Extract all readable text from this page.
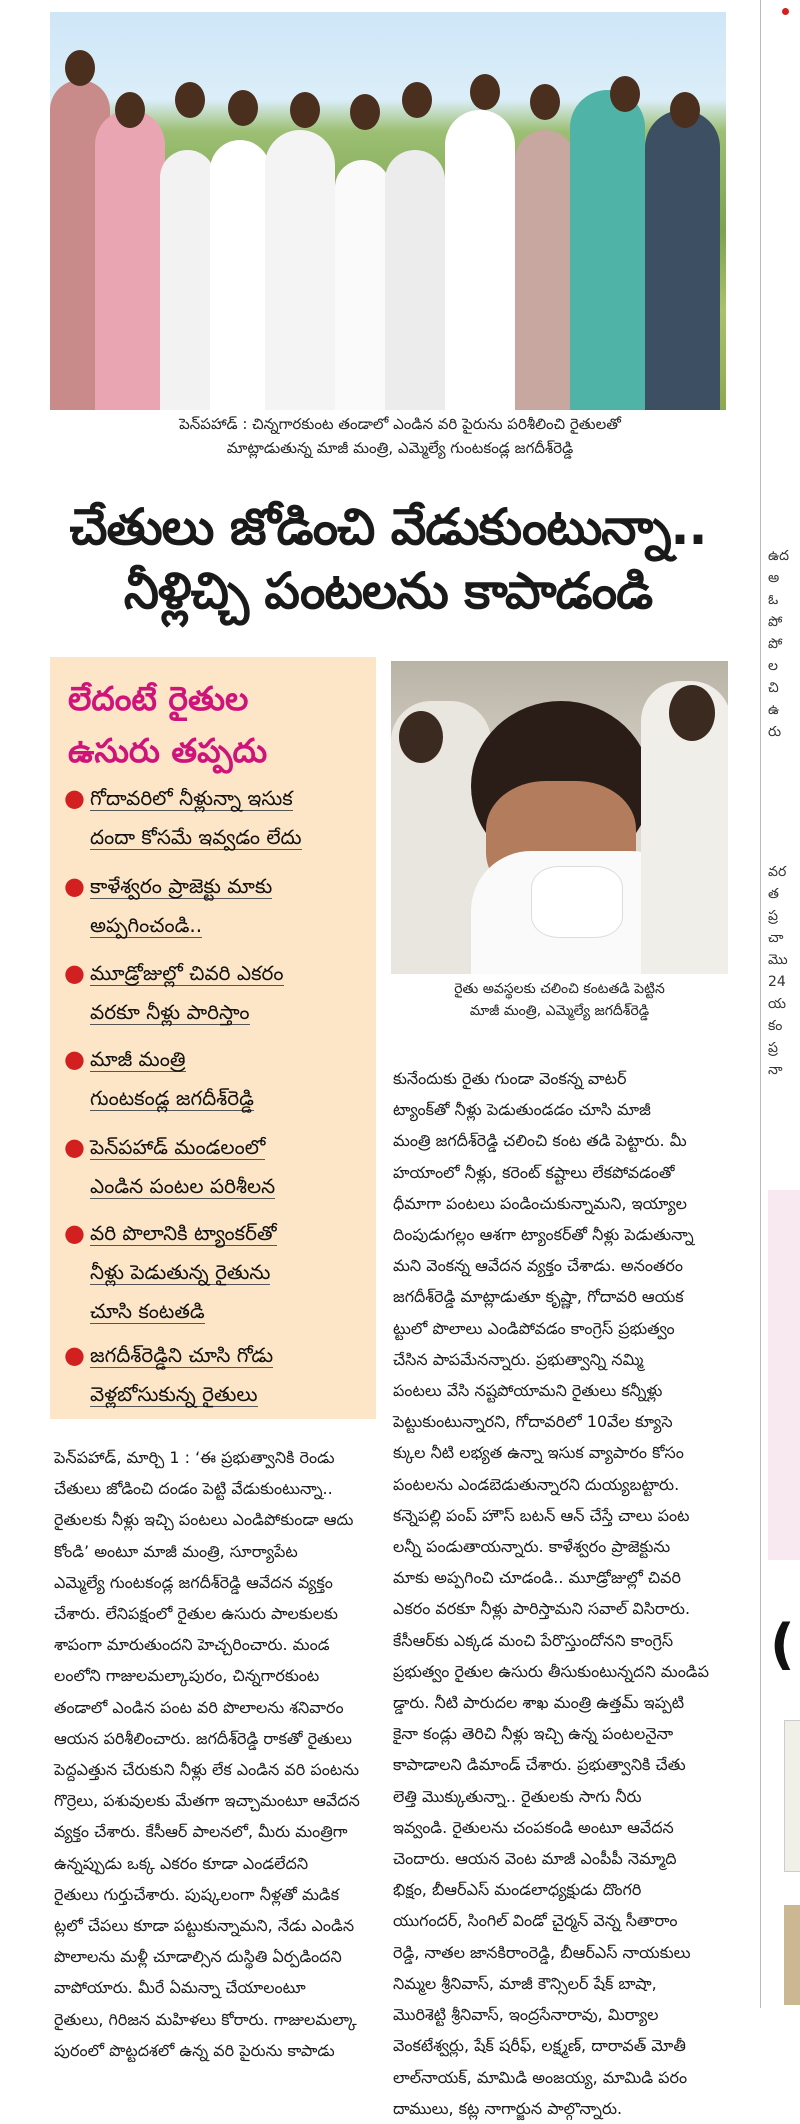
పెన్‌పహాడ్ : చిన్నగారకుంట తండాలో ఎండిన వరి పైరును పరిశీలించి రైతులతో
మాట్లాడుతున్న మాజీ మంత్రి, ఎమ్మెల్యే గుంటకండ్ల జగదీశ్‌రెడ్డి
చేతులు జోడించి వేడుకుంటున్నా..
నీళ్లిచ్చి పంటలను కాపాడండి
లేదంటే రైతుల
ఉసురు తప్పదు
● గోదావరిలో నీళ్లున్నా ఇసుక
దందా కోసమే ఇవ్వడం లేదు
● కాళేశ్వరం ప్రాజెక్టు మాకు
అప్పగించండి..
● మూడ్రోజుల్లో చివరి ఎకరం
వరకూ నీళ్లు పారిస్తాం
● మాజీ మంత్రి
గుంటకండ్ల జగదీశ్‌రెడ్డి
● పెన్‌పహాడ్ మండలంలో
ఎండిన పంటల పరిశీలన
● వరి పొలానికి ట్యాంకర్‌తో
నీళ్లు పెడుతున్న రైతును
చూసి కంటతడి
● జగదీశ్‌రెడ్డిని చూసి గోడు
వెళ్లబోసుకున్న రైతులు
రైతు అవస్థలకు చలించి కంటతడి పెట్టిన
మాజీ మంత్రి, ఎమ్మెల్యే జగదీశ్‌రెడ్డి

పెన్‌పహాడ్, మార్చి 1 : ‘ఈ ప్రభుత్వానికి రెండు

చేతులు జోడించి దండం పెట్టి వేడుకుంటున్నా..

రైతులకు నీళ్లు ఇచ్చి పంటలు ఎండిపోకుండా ఆదు

కోండి’ అంటూ మాజీ మంత్రి, సూర్యాపేట

ఎమ్మెల్యే గుంటకండ్ల జగదీశ్‌రెడ్డి ఆవేదన వ్యక్తం

చేశారు. లేనిపక్షంలో రైతుల ఉసురు పాలకులకు

శాపంగా మారుతుందని హెచ్చరించారు. మండ

లంలోని గాజులమల్కాపురం, చిన్నగారకుంట

తండాలో ఎండిన పంట వరి పొలాలను శనివారం

ఆయన పరిశీలించారు. జగదీశ్‌రెడ్డి రాకతో రైతులు

పెద్దఎత్తున చేరుకుని నీళ్లు లేక ఎండిన వరి పంటను

గొర్రెలు, పశువులకు మేతగా ఇచ్చామంటూ ఆవేదన

వ్యక్తం చేశారు. కేసీఆర్ పాలనలో, మీరు మంత్రిగా

ఉన్నప్పుడు ఒక్క ఎకరం కూడా ఎండలేదని

రైతులు గుర్తుచేశారు. పుష్కలంగా నీళ్లతో మడిక

ట్లలో చేపలు కూడా పట్టుకున్నామని, నేడు ఎండిన

పొలాలను మళ్లీ చూడాల్సిన దుస్థితి ఏర్పడిందని

వాపోయారు. మీరే ఏమన్నా చేయాలంటూ

రైతులు, గిరిజన మహిళలు కోరారు. గాజులమల్కా

పురంలో పొట్టదశలో ఉన్న వరి పైరును కాపాడు

కునేందుకు రైతు గుండా వెంకన్న వాటర్

ట్యాంక్‌తో నీళ్లు పెడుతుండడం చూసి మాజీ

మంత్రి జగదీశ్‌రెడ్డి చలించి కంట తడి పెట్టారు. మీ

హయాంలో నీళ్లు, కరెంట్ కష్టాలు లేకపోవడంతో

ధీమాగా పంటలు పండించుకున్నామని, ఇయ్యాల

దింపుడుగల్లం ఆశగా ట్యాంకర్‌తో నీళ్లు పెడుతున్నా

మని వెంకన్న ఆవేదన వ్యక్తం చేశాడు. అనంతరం

జగదీశ్‌రెడ్డి మాట్లాడుతూ కృష్ణా, గోదావరి ఆయక

ట్టులో పొలాలు ఎండిపోవడం కాంగ్రెస్ ప్రభుత్వం

చేసిన పాపమేనన్నారు. ప్రభుత్వాన్ని నమ్మి

పంటలు వేసి నష్టపోయామని రైతులు కన్నీళ్లు

పెట్టుకుంటున్నారని, గోదావరిలో 10వేల క్యూసె

క్కుల నీటి లభ్యత ఉన్నా ఇసుక వ్యాపారం కోసం

పంటలను ఎండబెడుతున్నారని దుయ్యబట్టారు.

కన్నెపల్లి పంప్ హౌస్ బటన్ ఆన్ చేస్తే చాలు పంట

లన్నీ పండుతాయన్నారు. కాళేశ్వరం ప్రాజెక్టును

మాకు అప్పగించి చూడండి.. మూడ్రోజుల్లో చివరి

ఎకరం వరకూ నీళ్లు పారిస్తామని సవాల్ విసిరారు.

కేసీఆర్‌కు ఎక్కడ మంచి పేరొస్తుందోనని కాంగ్రెస్

ప్రభుత్వం రైతుల ఉసురు తీసుకుంటున్నదని మండిప

డ్డారు. నీటి పారుదల శాఖ మంత్రి ఉత్తమ్ ఇప్పటి

కైనా కండ్లు తెరిచి నీళ్లు ఇచ్చి ఉన్న పంటలనైనా

కాపాడాలని డిమాండ్ చేశారు. ప్రభుత్వానికి చేతు

లెత్తి మొక్కుతున్నా.. రైతులకు సాగు నీరు

ఇవ్వండి. రైతులను చంపకండి అంటూ ఆవేదన

చెందారు. ఆయన వెంట మాజీ ఎంపీపీ నెమ్మాది

భిక్షం, బీఆర్‌ఎస్ మండలాధ్యక్షుడు దొంగరి

యుగందర్, సింగిల్ విండో చైర్మన్ వెన్న సీతారాం

రెడ్డి, నాతల జానకిరాంరెడ్డి, బీఆర్‌ఎస్ నాయకులు

నిమ్మల శ్రీనివాస్, మాజీ కౌన్సిలర్ షేక్ బాషా,

మొరిశెట్టి శ్రీనివాస్, ఇంద్రసేనారావు, మిర్యాల

వెంకటేశ్వర్లు, షేక్ షరీఫ్, లక్ష్మణ్, దారావత్ మోతీ

లాల్‌నాయక్, మామిడి అంజయ్య, మామిడి పరం

దాములు, కట్ల నాగార్జున పాల్గొన్నారు.

ఉద
అ
ఓ
పో
పో
ల
చి
ఉ
రు
వర
త
ప్ర
చా
మొ
24
య
కం
ప్ర
నా
(
